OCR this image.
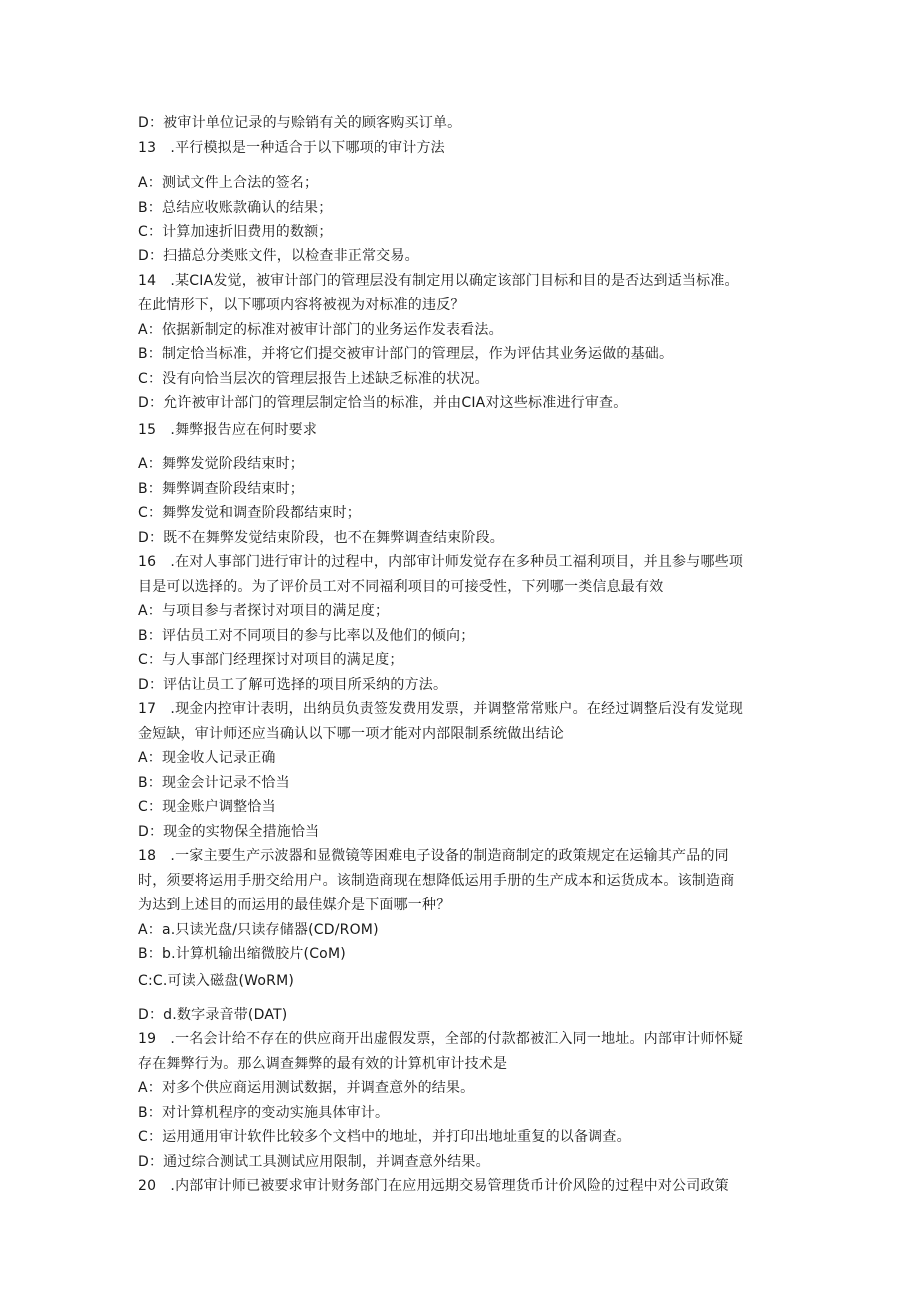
D：被审计单位记录的与赊销有关的顾客购买订单。
13　.平行模拟是一种适合于以下哪项的审计方法
A：测试文件上合法的签名；
B：总结应收账款确认的结果；
C：计算加速折旧费用的数额；
D：扫描总分类账文件，以检查非正常交易。
14　.某CIA发觉，被审计部门的管理层没有制定用以确定该部门目标和目的是否达到适当标准。
在此情形下，以下哪项内容将被视为对标准的违反？
A：依据新制定的标准对被审计部门的业务运作发表看法。
B：制定恰当标准，并将它们提交被审计部门的管理层，作为评估其业务运做的基础。
C：没有向恰当层次的管理层报告上述缺乏标准的状况。
D：允许被审计部门的管理层制定恰当的标准，并由CIA对这些标准进行审查。
15　.舞弊报告应在何时要求
A：舞弊发觉阶段结束时；
B：舞弊调查阶段结束时；
C：舞弊发觉和调查阶段都结束时；
D：既不在舞弊发觉结束阶段，也不在舞弊调查结束阶段。
16　.在对人事部门进行审计的过程中，内部审计师发觉存在多种员工福利项目，并且参与哪些项
目是可以选择的。为了评价员工对不同福利项目的可接受性，下列哪一类信息最有效
A：与项目参与者探讨对项目的满足度；
B：评估员工对不同项目的参与比率以及他们的倾向；
C：与人事部门经理探讨对项目的满足度；
D：评估让员工了解可选择的项目所采纳的方法。
17　.现金内控审计表明，出纳员负责签发费用发票，并调整常常账户。在经过调整后没有发觉现
金短缺，审计师还应当确认以下哪一项才能对内部限制系统做出结论
A：现金收人记录正确
B：现金会计记录不恰当
C：现金账户调整恰当
D：现金的实物保全措施恰当
18　.一家主要生产示波器和显微镜等困难电子设备的制造商制定的政策规定在运输其产品的同
时，须要将运用手册交给用户。该制造商现在想降低运用手册的生产成本和运货成本。该制造商
为达到上述目的而运用的最佳媒介是下面哪一种？
A：a.只读光盘/只读存储器(CD/ROM)
B：b.计算机输出缩微胶片(CoM)
C:C.可读入磁盘(WoRM)
D：d.数字录音带(DAT)
19　.一名会计给不存在的供应商开出虚假发票，全部的付款都被汇入同一地址。内部审计师怀疑
存在舞弊行为。那么调查舞弊的最有效的计算机审计技术是
A：对多个供应商运用测试数据，并调查意外的结果。
B：对计算机程序的变动实施具体审计。
C：运用通用审计软件比较多个文档中的地址，并打印出地址重复的以备调查。
D：通过综合测试工具测试应用限制，并调查意外结果。
20　.内部审计师已被要求审计财务部门在应用远期交易管理货币计价风险的过程中对公司政策
